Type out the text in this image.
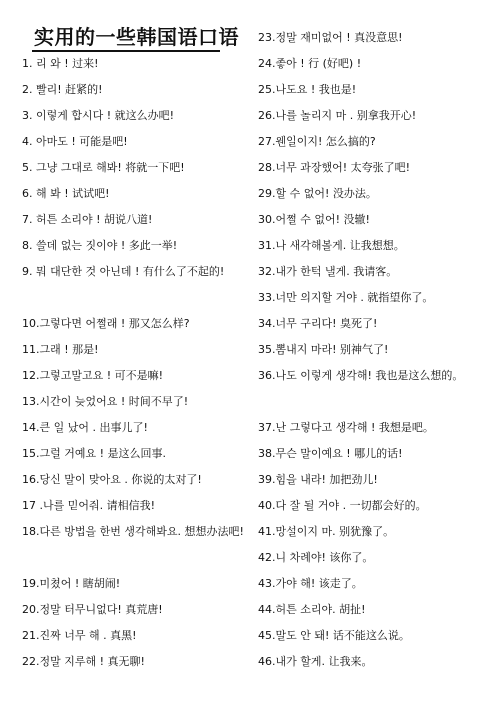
实用的一些韩国语口语
1. 리 와 ! 过来!
2. 빨리! 赶紧的!
3. 이렇게 합시다 ! 就这么办吧!
4. 아마도 ! 可能是吧!
5. 그냥 그대로 해봐! 将就一下吧!
6. 해 봐 ! 试试吧!
7. 허튼 소리야 ! 胡说八道!
8. 쓸데 없는 짓이야 ! 多此一举!
9. 뭐 대단한 것 아닌데 ! 有什么了不起的!
10.그렇다면 어쩔래 ! 那又怎么样?
11.그래 ! 那是!
12.그렇고말고요 ! 可不是嘛!
13.시간이 늦었어요 ! 时间不早了!
14.큰 일 났어 . 出事儿了!
15.그럴 거예요 ! 是这么回事.
16.당신 말이 맞아요 . 你说的太对了!
17 .나를 믿어줘. 请相信我!
18.다른 방법을 한번 생각해봐요. 想想办法吧!
19.미쳤어 ! 瞎胡闹!
20.정말 터무니없다! 真荒唐!
21.진짜 너무 해 . 真黑!
22.정말 지루해 ! 真无聊!
23.정말 재미없어 ! 真没意思!
24.좋아 ! 行 (好吧) !
25.나도요 ! 我也是!
26.나를 놀리지 마 . 别拿我开心!
27.웬일이지! 怎么搞的?
28.너무 과장했어! 太夸张了吧!
29.할 수 없어! 没办法。
30.어쩔 수 없어! 没辙!
31.나 새각해볼게. 让我想想。
32.내가 한턱 낼게. 我请客。
33.너만 의지할 거야 . 就指望你了。
34.너무 구리다! 臭死了!
35.뽐내지 마라! 别神气了!
36.나도 이렇게 생각해! 我也是这么想的。
37.난 그렇다고 생각해 ! 我想是吧。
38.무슨 말이예요 ! 哪儿的话!
39.힘을 내라! 加把劲儿!
40.다 잘 될 거야 . 一切都会好的。
41.망설이지 마. 别犹豫了。
42.니 차례야! 该你了。
43.가야 해! 该走了。
44.허튼 소리야. 胡扯!
45.말도 안 돼! 话不能这么说。
46.내가 할게. 让我来。
